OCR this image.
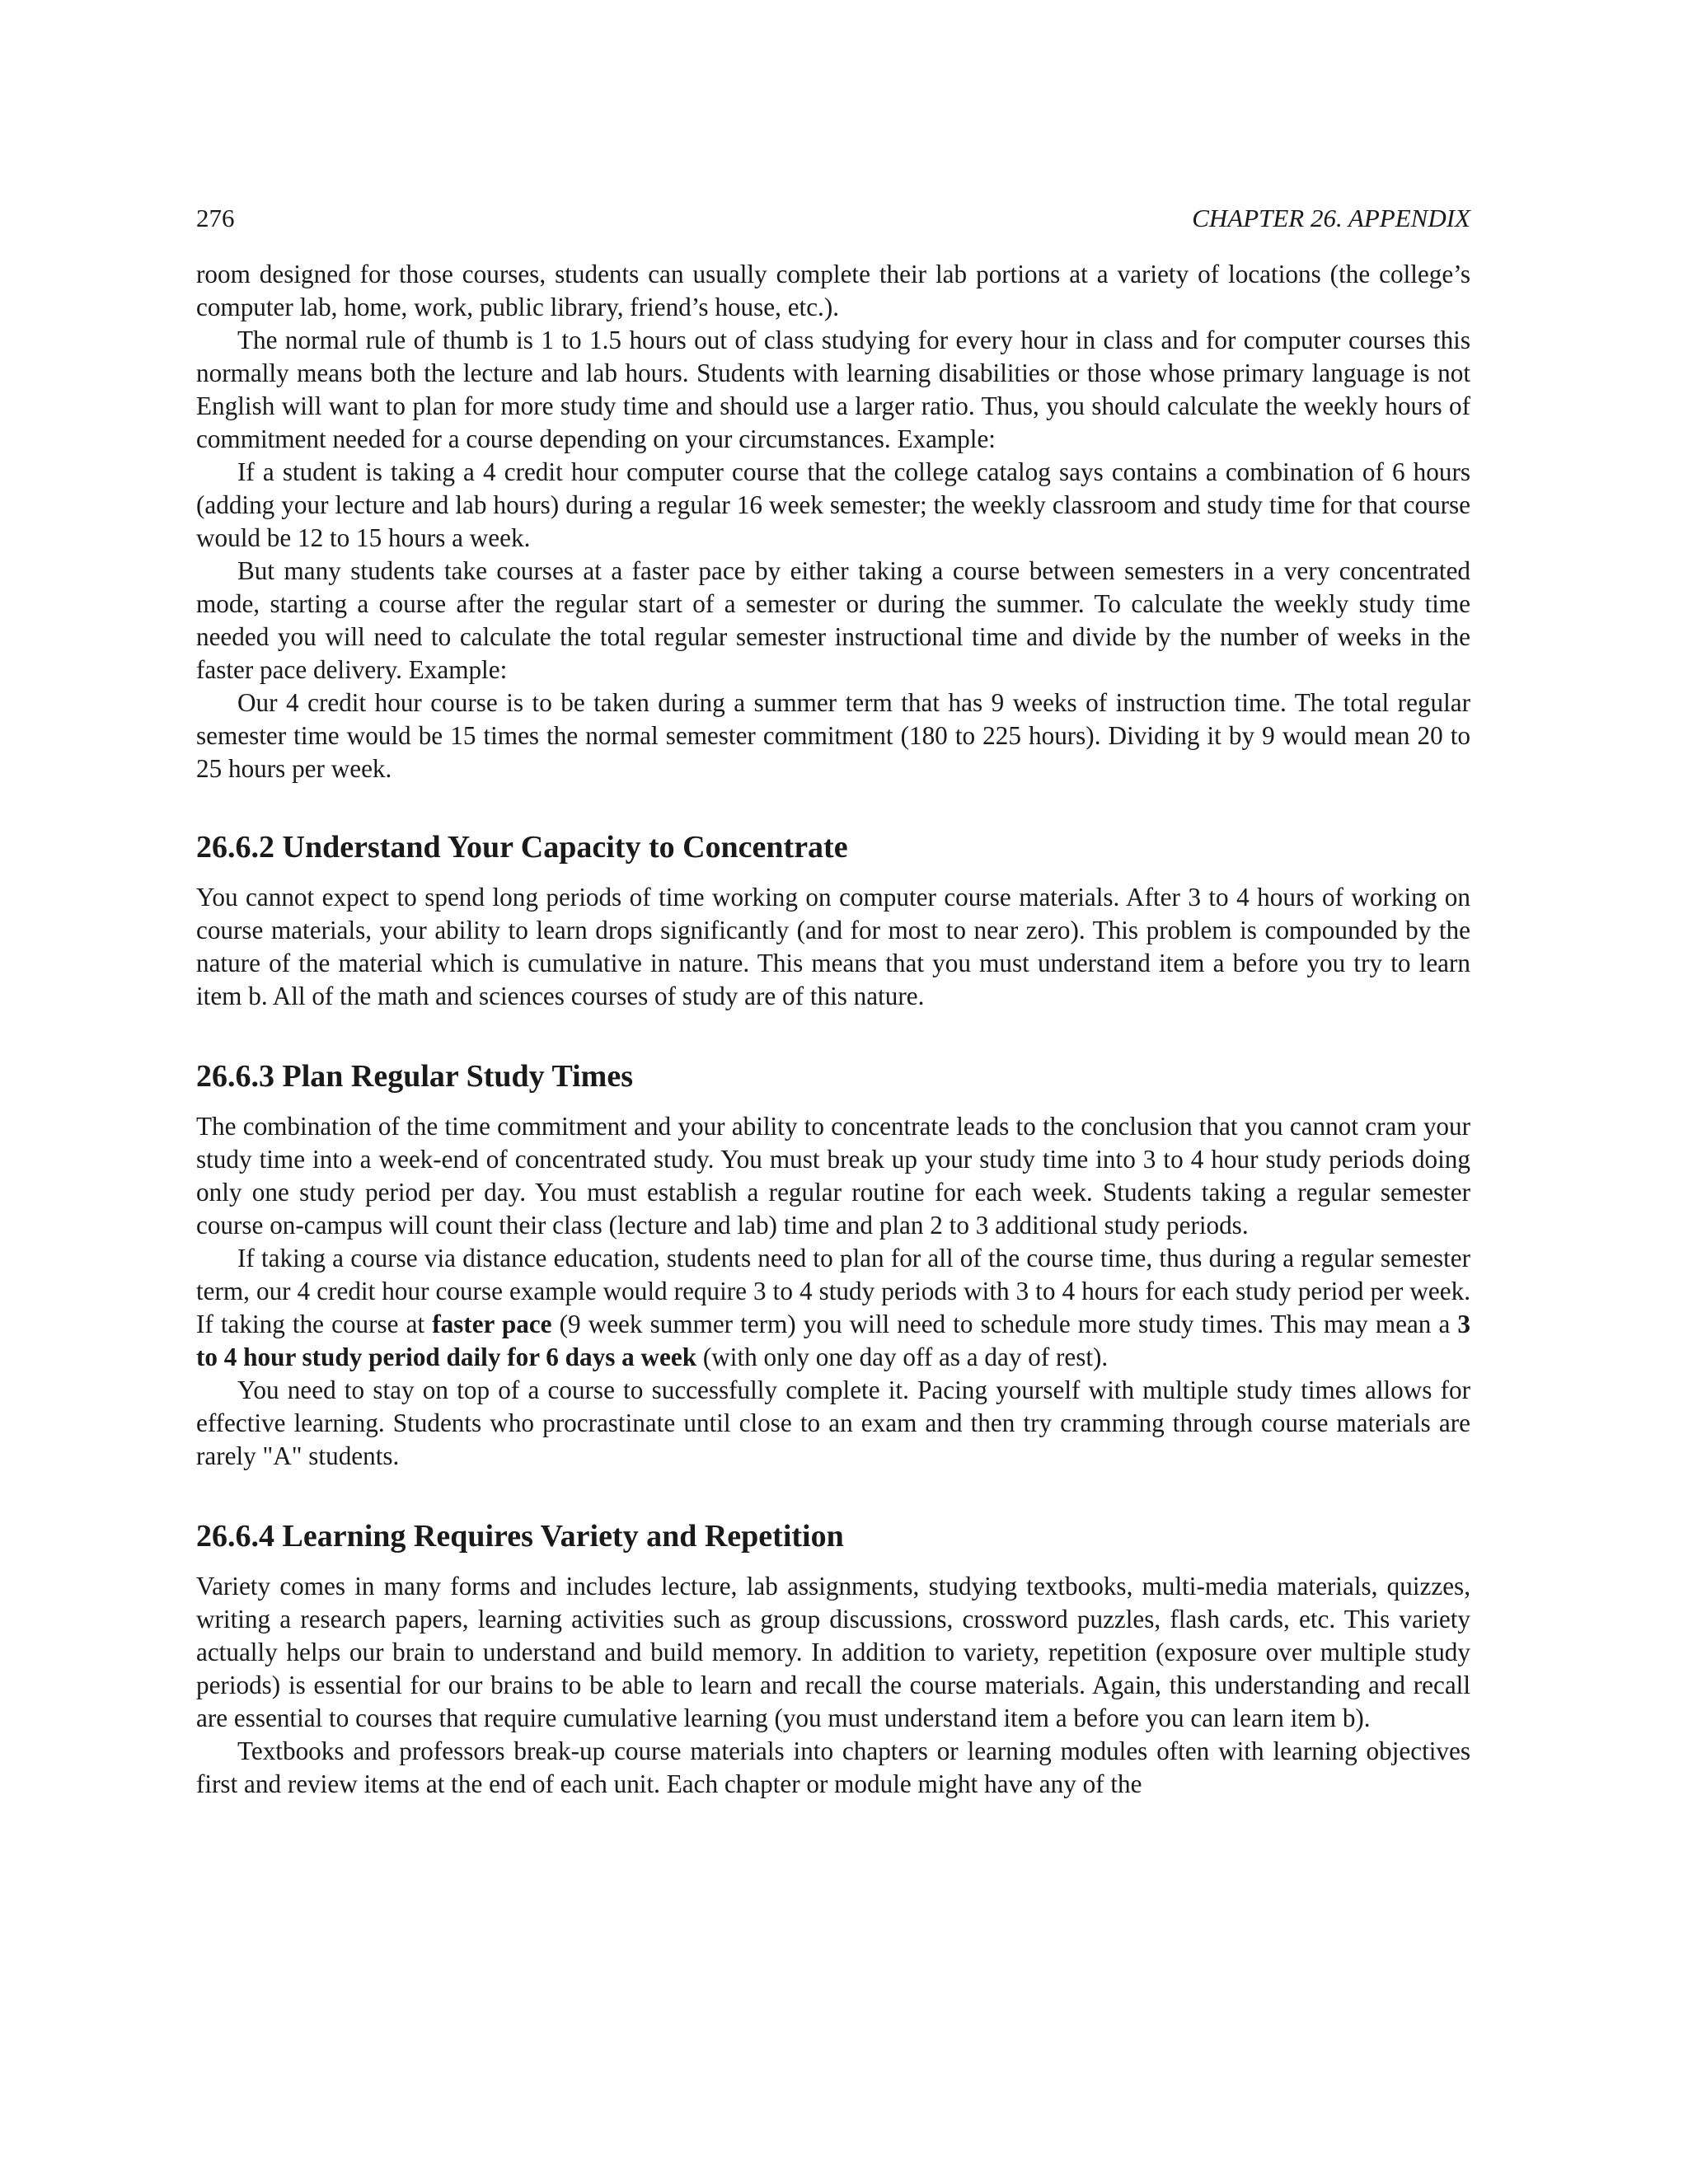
276	CHAPTER 26. APPENDIX

room designed for those courses, students can usually complete their lab portions at a variety of locations (the college’s computer lab, home, work, public library, friend’s house, etc.).

The normal rule of thumb is 1 to 1.5 hours out of class studying for every hour in class and for computer courses this normally means both the lecture and lab hours. Students with learning disabilities or those whose primary language is not English will want to plan for more study time and should use a larger ratio. Thus, you should calculate the weekly hours of commitment needed for a course depending on your circumstances. Example:

If a student is taking a 4 credit hour computer course that the college catalog says contains a combination of 6 hours (adding your lecture and lab hours) during a regular 16 week semester; the weekly classroom and study time for that course would be 12 to 15 hours a week.

But many students take courses at a faster pace by either taking a course between semesters in a very concentrated mode, starting a course after the regular start of a semester or during the summer. To calculate the weekly study time needed you will need to calculate the total regular semester instructional time and divide by the number of weeks in the faster pace delivery. Example:

Our 4 credit hour course is to be taken during a summer term that has 9 weeks of instruction time. The total regular semester time would be 15 times the normal semester commitment (180 to 225 hours). Dividing it by 9 would mean 20 to 25 hours per week.

26.6.2 Understand Your Capacity to Concentrate

You cannot expect to spend long periods of time working on computer course materials. After 3 to 4 hours of working on course materials, your ability to learn drops significantly (and for most to near zero). This problem is compounded by the nature of the material which is cumulative in nature. This means that you must understand item a before you try to learn item b. All of the math and sciences courses of study are of this nature.

26.6.3 Plan Regular Study Times

The combination of the time commitment and your ability to concentrate leads to the conclusion that you cannot cram your study time into a week-end of concentrated study. You must break up your study time into 3 to 4 hour study periods doing only one study period per day. You must establish a regular routine for each week. Students taking a regular semester course on-campus will count their class (lecture and lab) time and plan 2 to 3 additional study periods.

If taking a course via distance education, students need to plan for all of the course time, thus during a regular semester term, our 4 credit hour course example would require 3 to 4 study periods with 3 to 4 hours for each study period per week. If taking the course at faster pace (9 week summer term) you will need to schedule more study times. This may mean a 3 to 4 hour study period daily for 6 days a week (with only one day off as a day of rest).

You need to stay on top of a course to successfully complete it. Pacing yourself with multiple study times allows for effective learning. Students who procrastinate until close to an exam and then try cramming through course materials are rarely "A" students.

26.6.4 Learning Requires Variety and Repetition

Variety comes in many forms and includes lecture, lab assignments, studying textbooks, multi-media materials, quizzes, writing a research papers, learning activities such as group discussions, crossword puzzles, flash cards, etc. This variety actually helps our brain to understand and build memory. In addition to variety, repetition (exposure over multiple study periods) is essential for our brains to be able to learn and recall the course materials. Again, this understanding and recall are essential to courses that require cumulative learning (you must understand item a before you can learn item b).

Textbooks and professors break-up course materials into chapters or learning modules often with learning objectives first and review items at the end of each unit. Each chapter or module might have any of the
